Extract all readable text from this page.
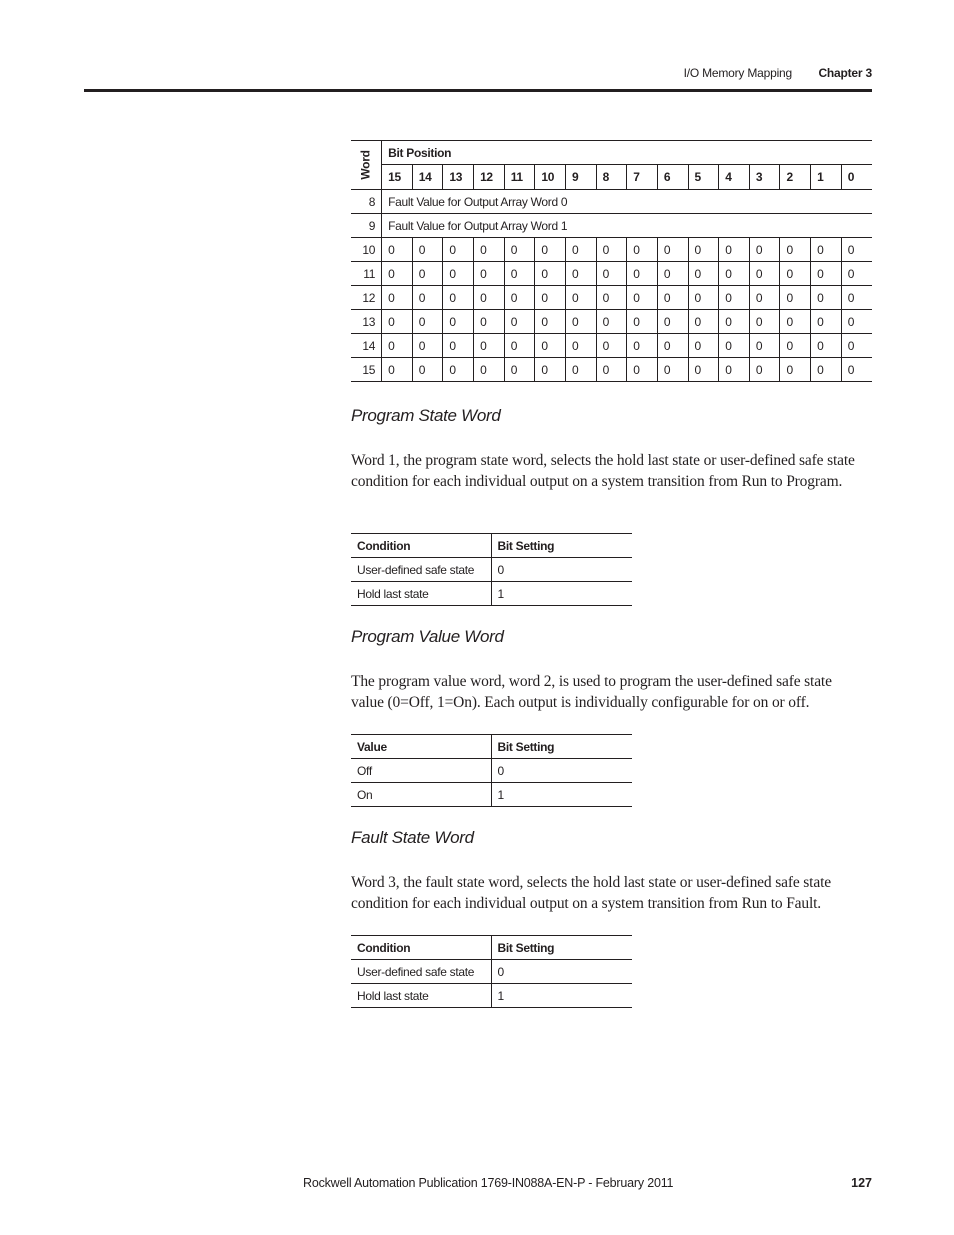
I/O Memory Mapping Chapter 3
Word	Bit Position															
	15	14	13	12	11	10	9	8	7	6	5	4	3	2	1	0
8	Fault Value for Output Array Word 0															
9	Fault Value for Output Array Word 1															
10	0	0	0	0	0	0	0	0	0	0	0	0	0	0	0	0
11	0	0	0	0	0	0	0	0	0	0	0	0	0	0	0	0
12	0	0	0	0	0	0	0	0	0	0	0	0	0	0	0	0
13	0	0	0	0	0	0	0	0	0	0	0	0	0	0	0	0
14	0	0	0	0	0	0	0	0	0	0	0	0	0	0	0	0
15	0	0	0	0	0	0	0	0	0	0	0	0	0	0	0	0
Program State Word

Word 1, the program state word, selects the hold last state or user-defined safe state condition for each individual output on a system transition from Run to Program.

Condition	Bit Setting
User-defined safe state	0
Hold last state	1
Program Value Word

The program value word, word 2, is used to program the user-defined safe state value (0=Off, 1=On). Each output is individually configurable for on or off.

Value	Bit Setting
Off	0
On	1
Fault State Word

Word 3, the fault state word, selects the hold last state or user-defined safe state condition for each individual output on a system transition from Run to Fault.

Condition	Bit Setting
User-defined safe state	0
Hold last state	1
Rockwell Automation Publication 1769-IN088A-EN-P - February 2011	127
